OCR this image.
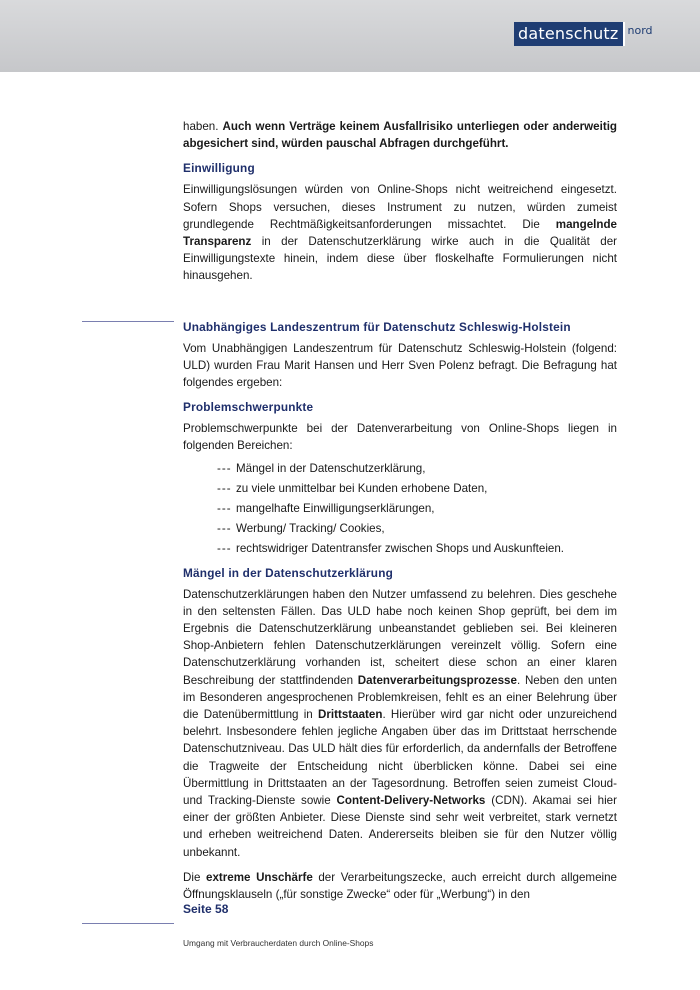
datenschutz nord

haben. Auch wenn Verträge keinem Ausfallrisiko unterliegen oder anderweitig abgesichert sind, würden pauschal Abfragen durchgeführt.

Einwilligung

Einwilligungslösungen würden von Online-Shops nicht weitreichend eingesetzt. Sofern Shops versuchen, dieses Instrument zu nutzen, würden zumeist grundlegende Rechtmäßigkeitsanforderungen missachtet. Die mangelnde Transparenz in der Datenschutzerklärung wirke auch in die Qualität der Einwilligungstexte hinein, indem diese über floskelhafte Formulierungen nicht hinausgehen.

Unabhängiges Landeszentrum für Datenschutz Schleswig-Holstein

Vom Unabhängigen Landeszentrum für Datenschutz Schleswig-Holstein (folgend: ULD) wurden Frau Marit Hansen und Herr Sven Polenz befragt. Die Befragung hat folgendes ergeben:

Problemschwerpunkte

Problemschwerpunkte bei der Datenverarbeitung von Online-Shops liegen in folgenden Bereichen:

--- Mängel in der Datenschutzerklärung,
--- zu viele unmittelbar bei Kunden erhobene Daten,
--- mangelhafte Einwilligungserklärungen,
--- Werbung/ Tracking/ Cookies,
--- rechtswidriger Datentransfer zwischen Shops und Auskunfteien.
Mängel in der Datenschutzerklärung

Datenschutzerklärungen haben den Nutzer umfassend zu belehren. Dies geschehe in den seltensten Fällen. Das ULD habe noch keinen Shop geprüft, bei dem im Ergebnis die Datenschutzerklärung unbeanstandet geblieben sei. Bei kleineren Shop-Anbietern fehlen Datenschutzerklärungen vereinzelt völlig. Sofern eine Datenschutzerklärung vorhanden ist, scheitert diese schon an einer klaren Beschreibung der stattfindenden Datenverarbeitungsprozesse. Neben den unten im Besonderen angesprochenen Problemkreisen, fehlt es an einer Belehrung über die Datenübermittlung in Drittstaaten. Hierüber wird gar nicht oder unzureichend belehrt. Insbesondere fehlen jegliche Angaben über das im Drittstaat herrschende Datenschutzniveau. Das ULD hält dies für erforderlich, da andernfalls der Betroffene die Tragweite der Entscheidung nicht überblicken könne. Dabei sei eine Übermittlung in Drittstaaten an der Tagesordnung. Betroffen seien zumeist Cloud- und Tracking-Dienste sowie Content-Delivery-Networks (CDN). Akamai sei hier einer der größten Anbieter. Diese Dienste sind sehr weit verbreitet, stark vernetzt und erheben weitreichend Daten. Andererseits bleiben sie für den Nutzer völlig unbekannt.

Die extreme Unschärfe der Verarbeitungszecke, auch erreicht durch allgemeine Öffnungsklauseln („für sonstige Zwecke“ oder für „Werbung“) in den

Seite 58
Umgang mit Verbraucherdaten durch Online-Shops
